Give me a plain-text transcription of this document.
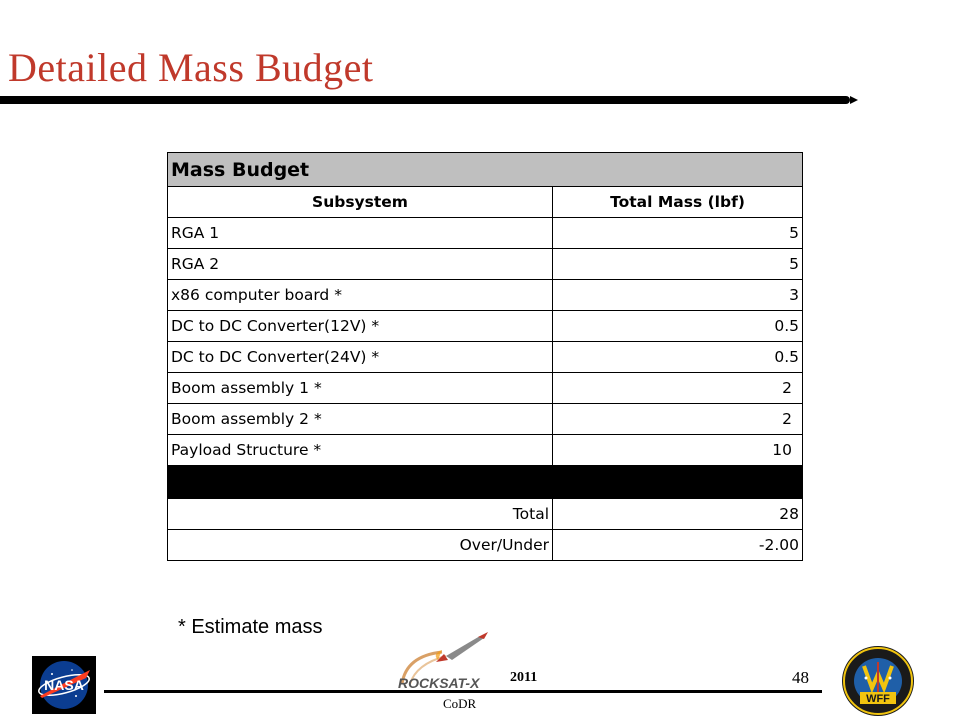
Detailed Mass Budget
Mass Budget	
Subsystem	Total Mass (lbf)
RGA 1	5
RGA 2	5
x86 computer board *	3
DC to DC Converter(12V) *	0.5
DC to DC Converter(24V) *	0.5
Boom assembly 1 *	2
Boom assembly 2 *	2
Payload Structure *	10

Total	28
Over/Under	-2.00
* Estimate mass
NASA	ROCKSAT-X 2011	48
CoDR	WFF
